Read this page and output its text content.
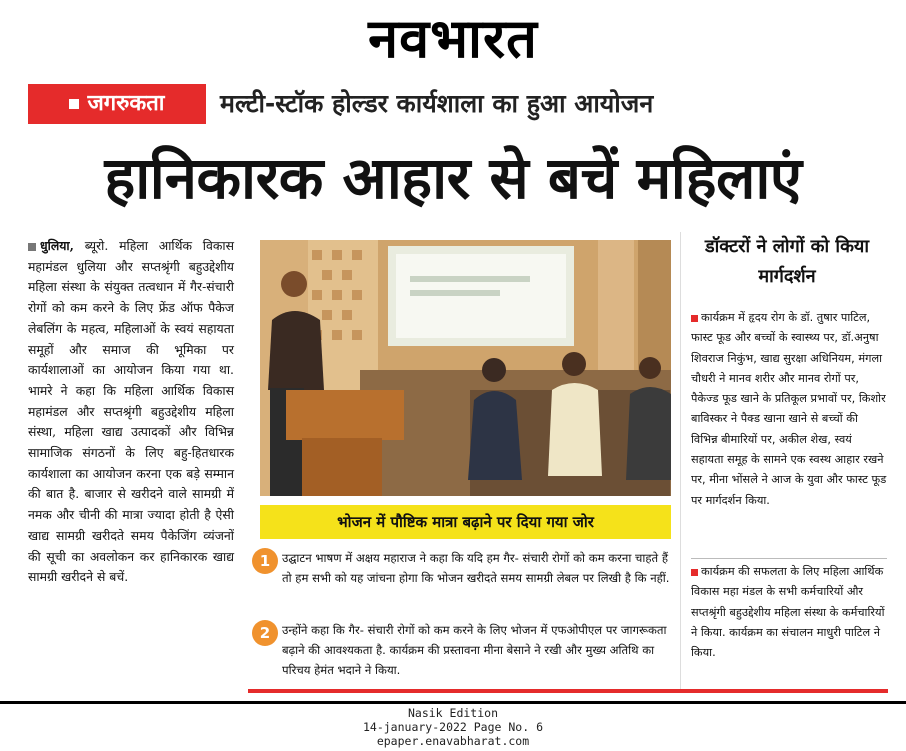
नवभारत
जगरुकता	मल्टी-स्टॉक होल्डर कार्यशाला का हुआ आयोजन
हानिकारक आहार से बचें महिलाएं
धुलिया, ब्यूरो. महिला आर्थिक विकास महामंडल धुलिया और सप्तश्रृंगी बहुउद्देशीय महिला संस्था के संयुक्त तत्वधान में गैर-संचारी रोगों को कम करने के लिए फ्रेंड ऑफ पैकेज लेबलिंग के महत्व, महिलाओं के स्वयं सहायता समूहों और समाज की भूमिका पर कार्यशालाओं का आयोजन किया गया था. भामरे ने कहा कि महिला आर्थिक विकास महामंडल और सप्तश्रृंगी बहुउद्देशीय महिला संस्था, महिला खाद्य उत्पादकों और विभिन्न सामाजिक संगठनों के लिए बहु-हितधारक कार्यशाला का आयोजन करना एक बड़े सम्मान की बात है. बाजार से खरीदने वाले सामग्री में नमक और चीनी की मात्रा ज्यादा होती है ऐसी खाद्य सामग्री खरीदते समय पैकेजिंग व्यंजनों की सूची का अवलोकन कर हानिकारक खाद्य सामग्री खरीदने से बचें.
भोजन में पौष्टिक मात्रा बढ़ाने पर दिया गया जोर
1	उद्घाटन भाषण में अक्षय महाराज ने कहा कि यदि हम गैर- संचारी रोगों को कम करना चाहते हैं तो हम सभी को यह जांचना होगा कि भोजन खरीदते समय सामग्री लेबल पर लिखी है कि नहीं.
2	उन्होंने कहा कि गैर- संचारी रोगों को कम करने के लिए भोजन में एफओपीएल पर जागरूकता बढ़ाने की आवश्यकता है. कार्यक्रम की प्रस्तावना मीना बेसाने ने रखी और मुख्य अतिथि का परिचय हेमंत भदाने ने किया.
डॉक्टरों ने लोगों को किया मार्गदर्शन
कार्यक्रम में हृदय रोग के डॉ. तुषार पाटिल, फास्ट फूड और बच्चों के स्वास्थ्य पर, डॉ.अनुषा शिवराज निकुंभ, खाद्य सुरक्षा अधिनियम, मंगला चौधरी ने मानव शरीर और मानव रोगों पर, पैकेज्ड फूड खाने के प्रतिकूल प्रभावों पर, किशोर बाविस्कर ने पैक्ड खाना खाने से बच्चों की विभिन्न बीमारियों पर, अकील शेख, स्वयं सहायता समूह के सामने एक स्वस्थ आहार रखने पर, मीना भोंसले ने आज के युवा और फास्ट फूड पर मार्गदर्शन किया.
कार्यक्रम की सफलता के लिए महिला आर्थिक विकास महा मंडल के सभी कर्मचारियों और सप्तश्रृंगी बहुउद्देशीय महिला संस्था के कर्मचारियों ने किया. कार्यक्रम का संचालन माधुरी पाटिल ने किया.
Nasik Edition
14-january-2022 Page No. 6
epaper.enavabharat.com
